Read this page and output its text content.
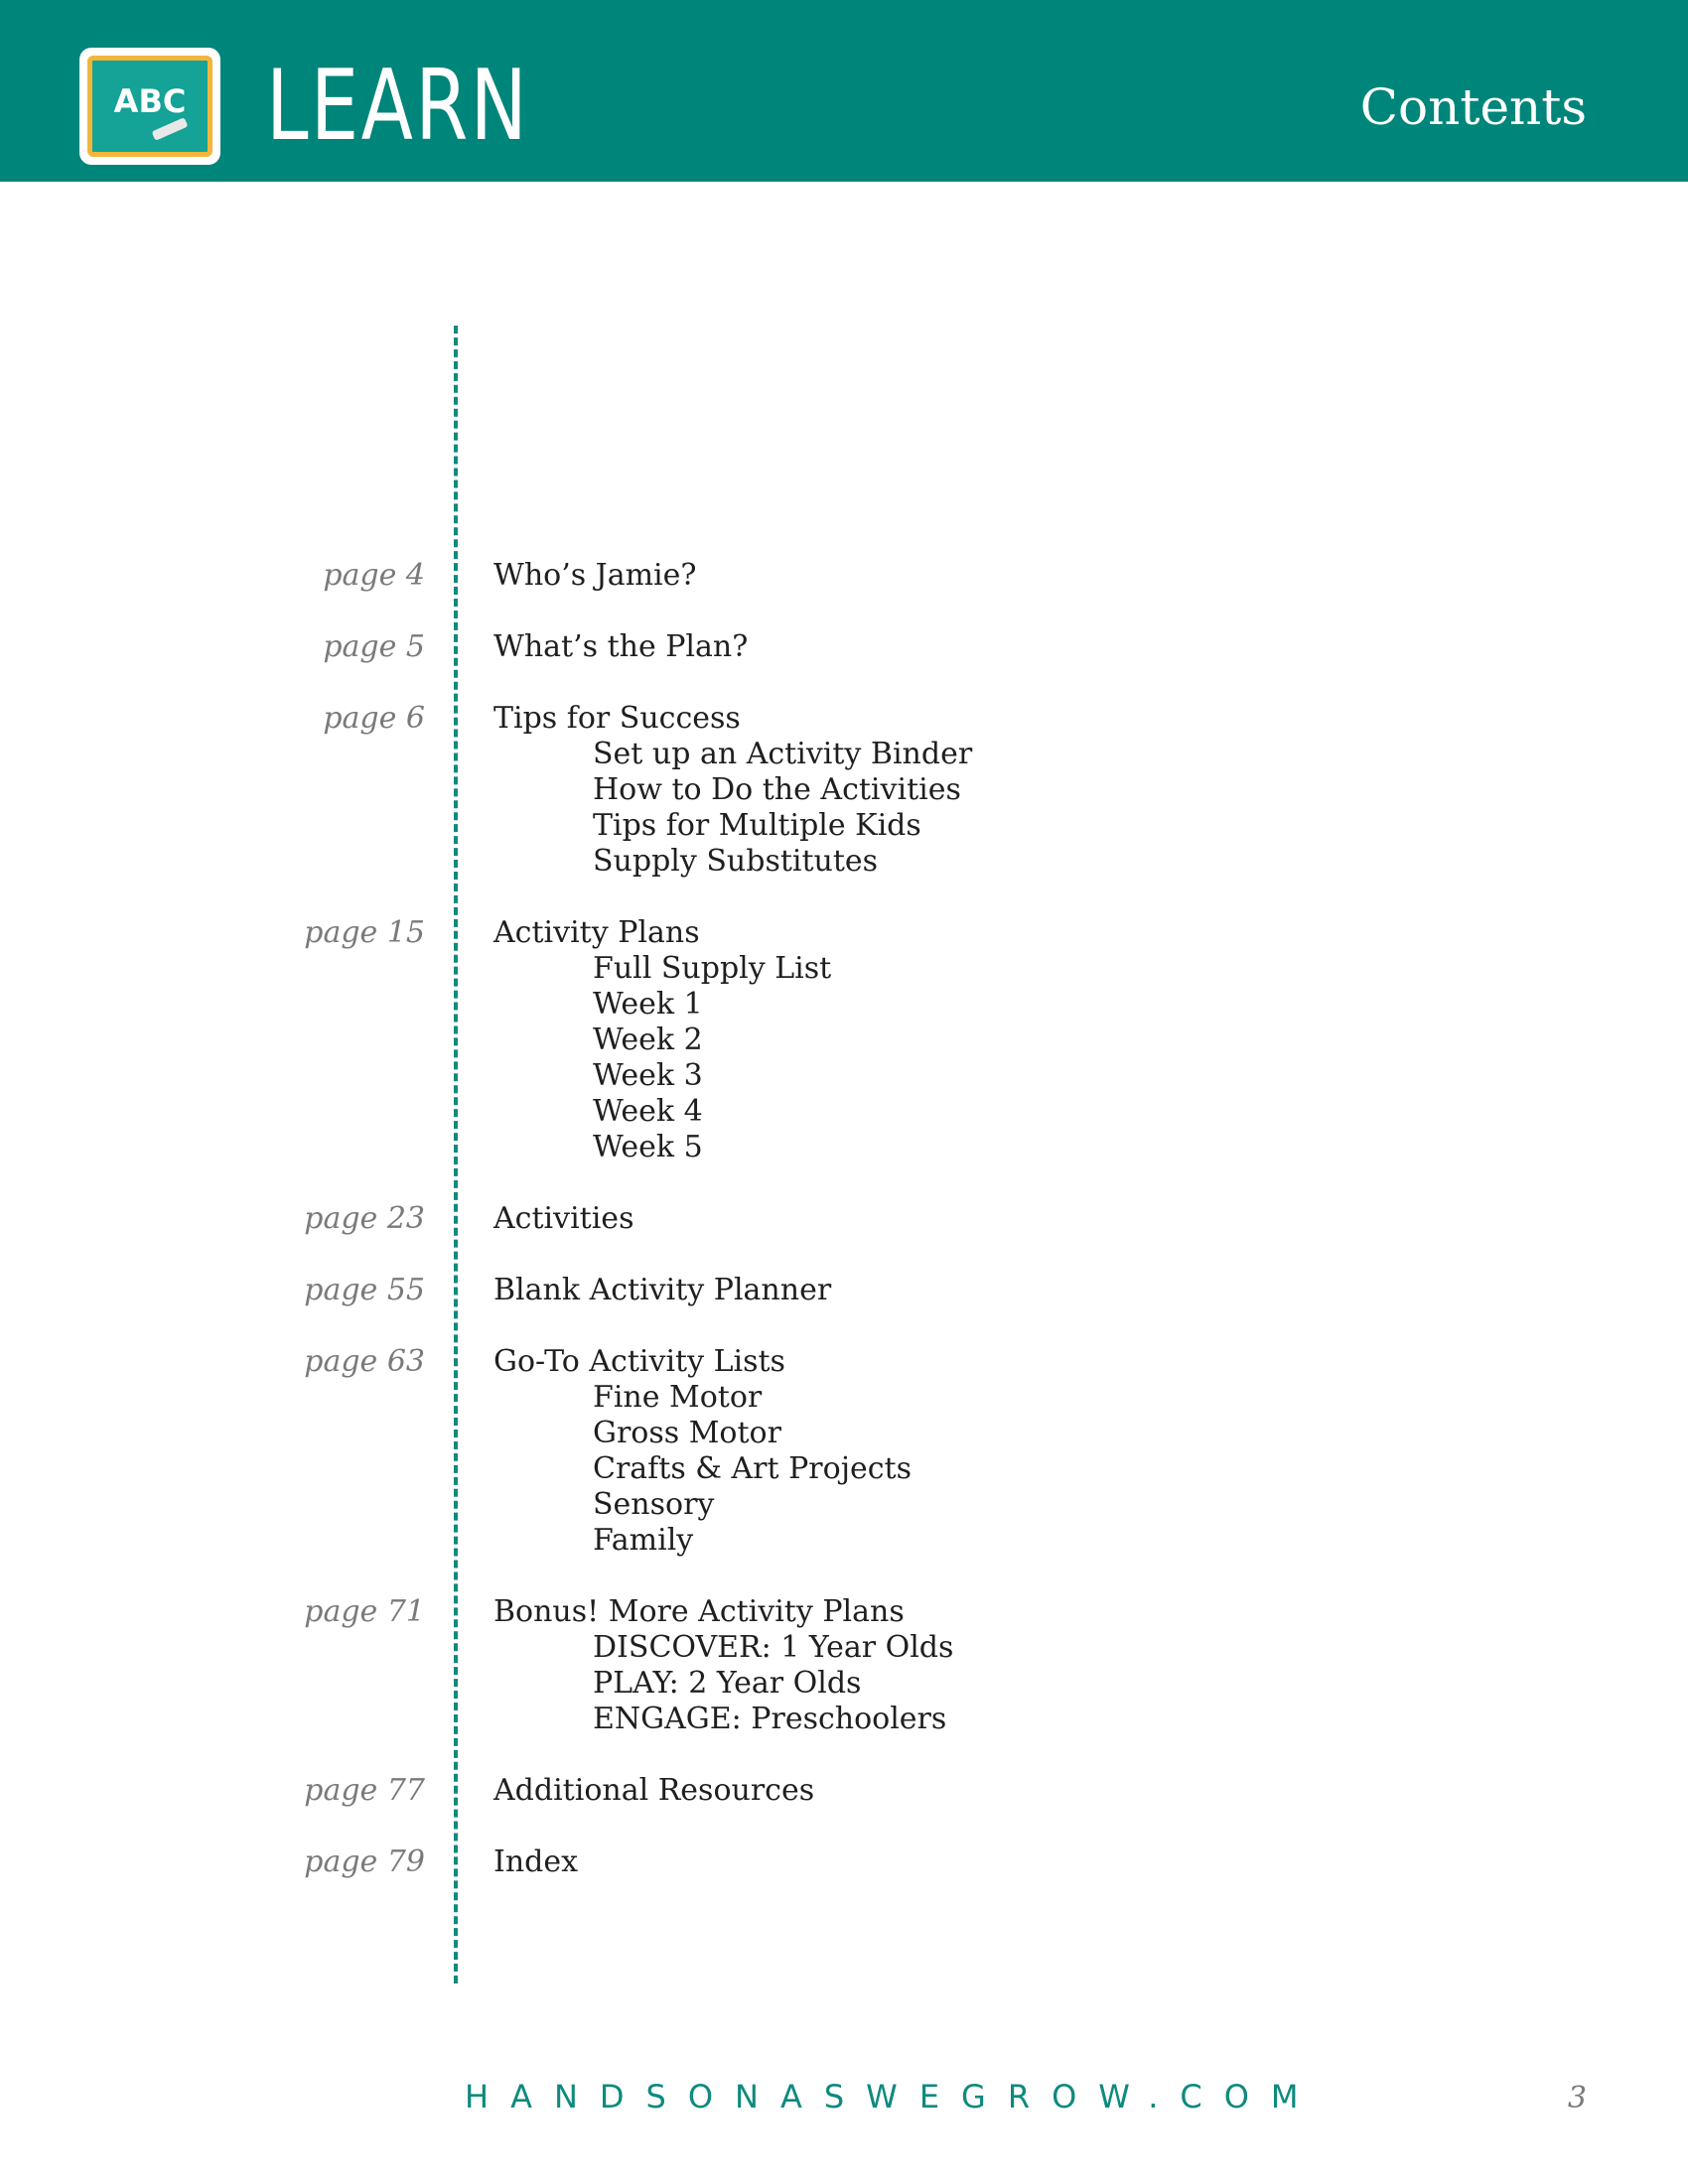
ABC LEARN	Contents
page 4 Who’s Jamie?
page 5 What’s the Plan?
page 6 Tips for Success
Set up an Activity Binder
How to Do the Activities
Tips for Multiple Kids
Supply Substitutes
page 15 Activity Plans
Full Supply List
Week 1
Week 2
Week 3
Week 4
Week 5
page 23 Activities
page 55 Blank Activity Planner
page 63 Go-To Activity Lists
Fine Motor
Gross Motor
Crafts & Art Projects
Sensory
Family
page 71 Bonus! More Activity Plans
DISCOVER: 1 Year Olds
PLAY: 2 Year Olds
ENGAGE: Preschoolers
page 77 Additional Resources
page 79 Index
HANDSONASWEGROW.COM	3
